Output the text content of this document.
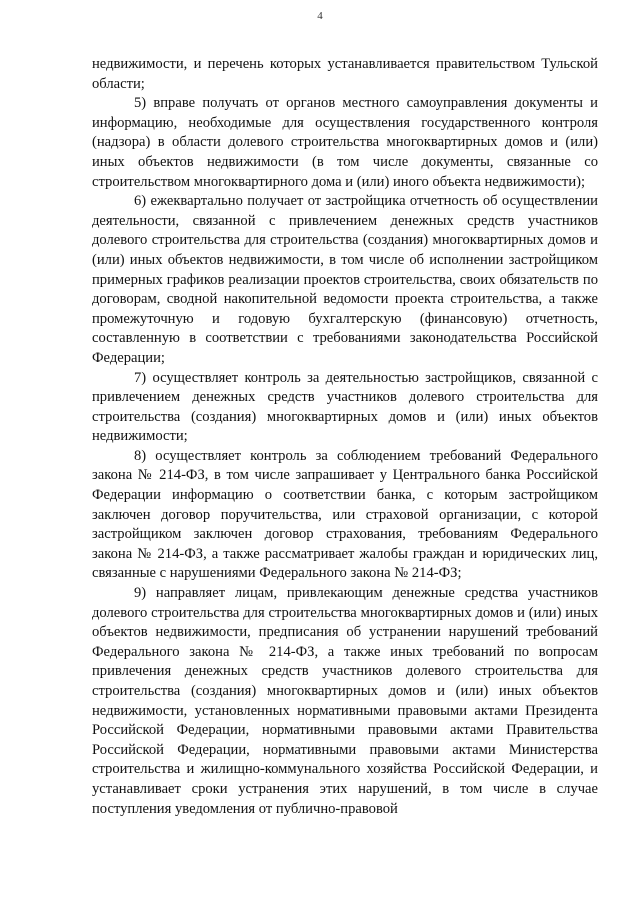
4

недвижимости, и перечень которых устанавливается правительством Тульской области;

5) вправе получать от органов местного самоуправления документы и информацию, необходимые для осуществления государственного контроля (надзора) в области долевого строительства многоквартирных домов и (или) иных объектов недвижимости (в том числе документы, связанные со строительством многоквартирного дома и (или) иного объекта недвижимости);

6) ежеквартально получает от застройщика отчетность об осуществлении деятельности, связанной с привлечением денежных средств участников долевого строительства для строительства (создания) многоквартирных домов и (или) иных объектов недвижимости, в том числе об исполнении застройщиком примерных графиков реализации проектов строительства, своих обязательств по договорам, сводной накопительной ведомости проекта строительства, а также промежуточную и годовую бухгалтерскую (финансовую) отчетность, составленную в соответствии с требованиями законодательства Российской Федерации;

7) осуществляет контроль за деятельностью застройщиков, связанной с привлечением денежных средств участников долевого строительства для строительства (создания) многоквартирных домов и (или) иных объектов недвижимости;

8) осуществляет контроль за соблюдением требований Федерального закона № 214-ФЗ, в том числе запрашивает у Центрального банка Российской Федерации информацию о соответствии банка, с которым застройщиком заключен договор поручительства, или страховой организации, с которой застройщиком заключен договор страхования, требованиям Федерального закона № 214-ФЗ, а также рассматривает жалобы граждан и юридических лиц, связанные с нарушениями Федерального закона № 214-ФЗ;

9) направляет лицам, привлекающим денежные средства участников долевого строительства для строительства многоквартирных домов и (или) иных объектов недвижимости, предписания об устранении нарушений требований Федерального закона № 214-ФЗ, а также иных требований по вопросам привлечения денежных средств участников долевого строительства для строительства (создания) многоквартирных домов и (или) иных объектов недвижимости, установленных нормативными правовыми актами Президента Российской Федерации, нормативными правовыми актами Правительства Российской Федерации, нормативными правовыми актами Министерства строительства и жилищно-коммунального хозяйства Российской Федерации, и устанавливает сроки устранения этих нарушений, в том числе в случае поступления уведомления от публично-правовой
